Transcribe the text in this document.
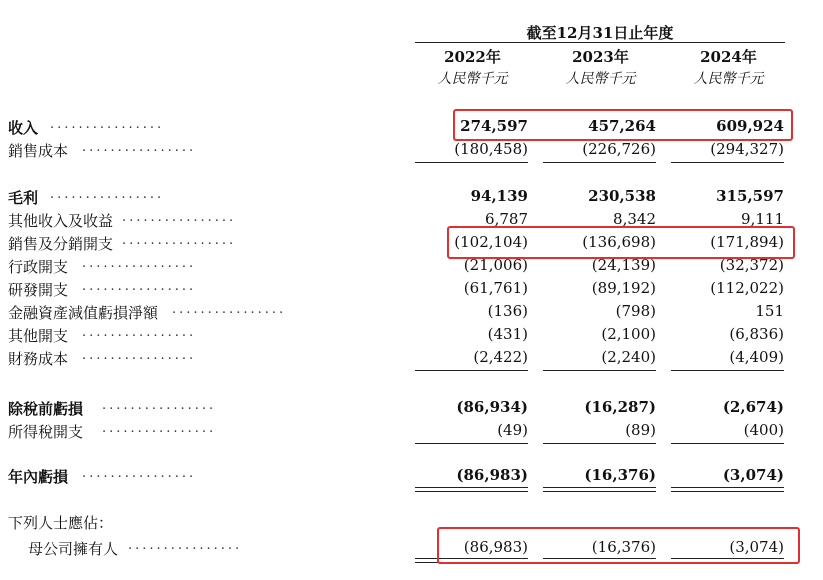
截至12月31日止年度
2022年	2023年	2024年
人民幣千元	人民幣千元	人民幣千元
收入 ................	274,597	457,264	609,924
銷售成本 ................	(180,458)	(226,726)	(294,327)
毛利 ................	94,139	230,538	315,597
其他收入及收益 ................	6,787	8,342	9,111
銷售及分銷開支 ................	(102,104)	(136,698)	(171,894)
行政開支 ................	(21,006)	(24,139)	(32,372)
研發開支 ................	(61,761)	(89,192)	(112,022)
金融資產減值虧損淨額 ................	(136)	(798)	151
其他開支 ................	(431)	(2,100)	(6,836)
財務成本 ................	(2,422)	(2,240)	(4,409)
除稅前虧損 ................	(86,934)	(16,287)	(2,674)
所得稅開支 ................	(49)	(89)	(400)
年內虧損 ................	(86,983)	(16,376)	(3,074)
下列人士應佔：
母公司擁有人 ................	(86,983)	(16,376)	(3,074)
